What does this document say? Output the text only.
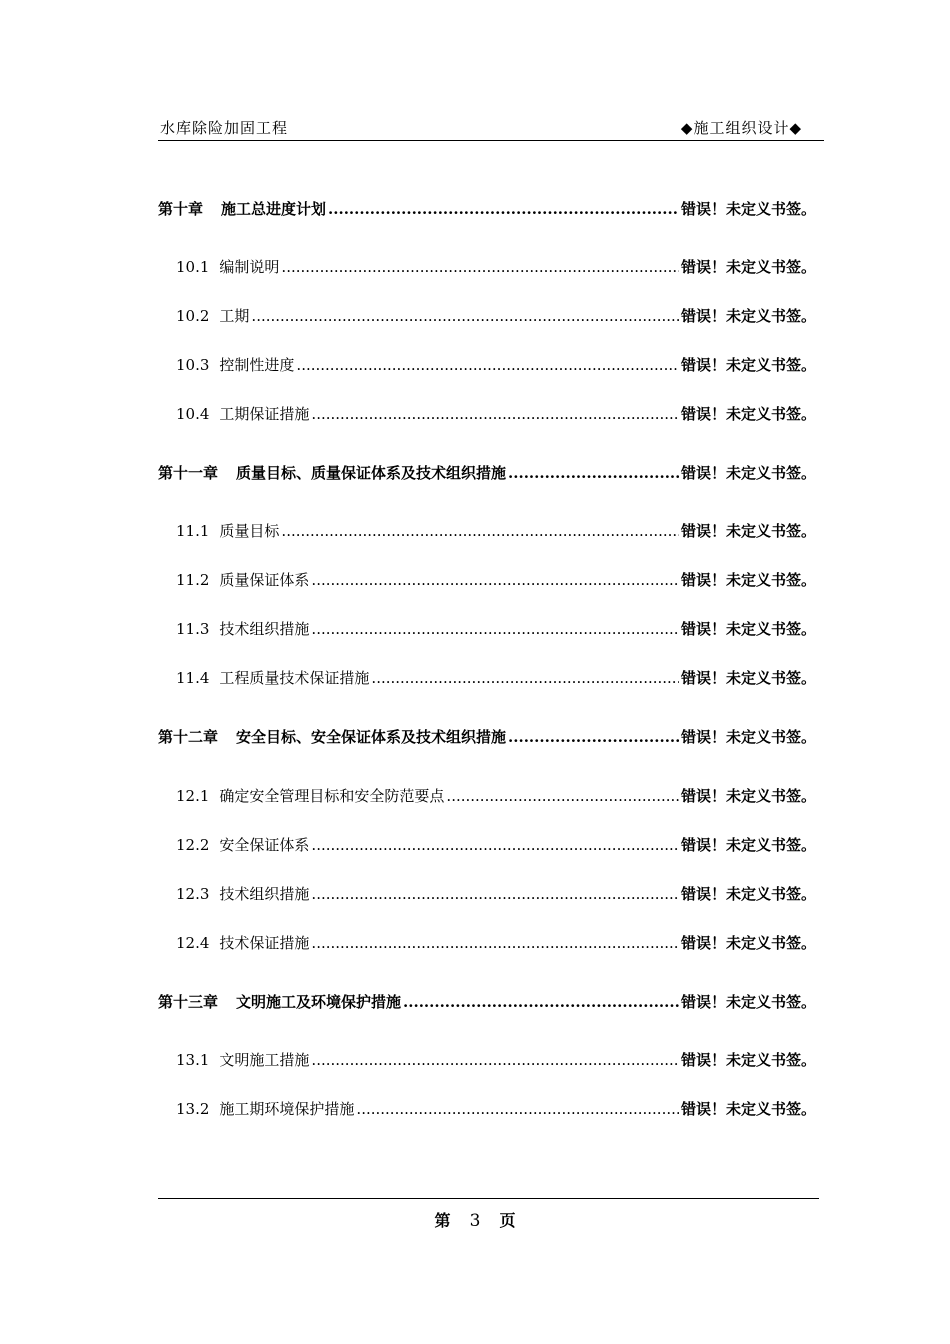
水库除险加固工程	◆施工组织设计◆
第十章 施工总进度计划 .....	错误！未定义书签。
10.1 编制说明 .....	错误！未定义书签。
10.2 工期 .....	错误！未定义书签。
10.3 控制性进度 .....	错误！未定义书签。
10.4 工期保证措施 .....	错误！未定义书签。
第十一章 质量目标、质量保证体系及技术组织措施 .....	错误！未定义书签。
11.1 质量目标 .....	错误！未定义书签。
11.2 质量保证体系 .....	错误！未定义书签。
11.3 技术组织措施 .....	错误！未定义书签。
11.4 工程质量技术保证措施 .....	错误！未定义书签。
第十二章 安全目标、安全保证体系及技术组织措施 .....	错误！未定义书签。
12.1 确定安全管理目标和安全防范要点 .....	错误！未定义书签。
12.2 安全保证体系 .....	错误！未定义书签。
12.3 技术组织措施 .....	错误！未定义书签。
12.4 技术保证措施 .....	错误！未定义书签。
第十三章 文明施工及环境保护措施 .....	错误！未定义书签。
13.1 文明施工措施 .....	错误！未定义书签。
13.2 施工期环境保护措施 .....	错误！未定义书签。
第 3 页
